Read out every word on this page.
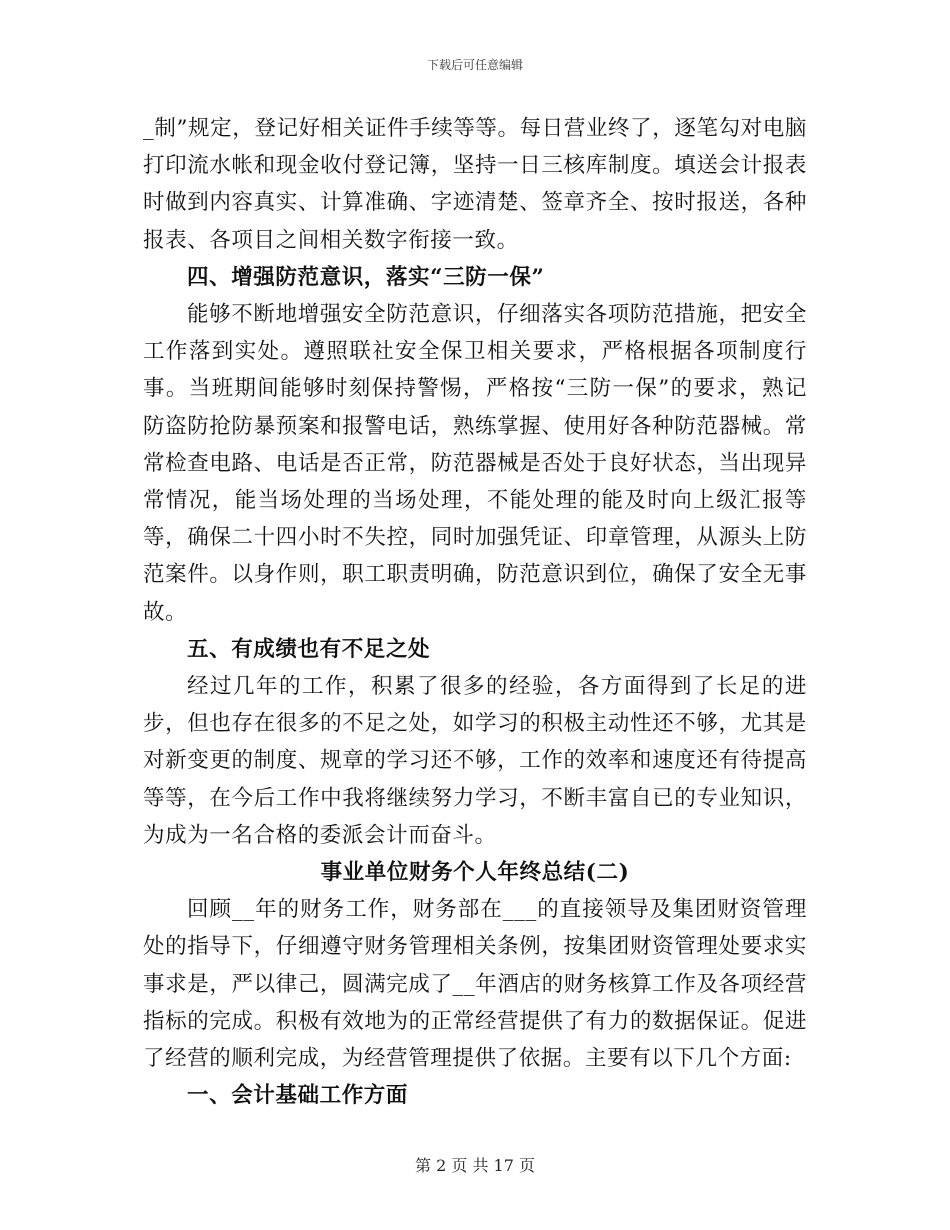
下载后可任意编辑

_制”规定，登记好相关证件手续等等。每日营业终了，逐笔勾对电脑打印流水帐和现金收付登记簿，坚持一日三核库制度。填送会计报表时做到内容真实、计算准确、字迹清楚、签章齐全、按时报送，各种报表、各项目之间相关数字衔接一致。

四、增强防范意识，落实“三防一保”

能够不断地增强安全防范意识，仔细落实各项防范措施，把安全工作落到实处。遵照联社安全保卫相关要求，严格根据各项制度行事。当班期间能够时刻保持警惕，严格按“三防一保”的要求，熟记防盗防抢防暴预案和报警电话，熟练掌握、使用好各种防范器械。常常检查电路、电话是否正常，防范器械是否处于良好状态，当出现异常情况，能当场处理的当场处理，不能处理的能及时向上级汇报等等，确保二十四小时不失控，同时加强凭证、印章管理，从源头上防范案件。以身作则，职工职责明确，防范意识到位，确保了安全无事故。

五、有成绩也有不足之处

经过几年的工作，积累了很多的经验，各方面得到了长足的进步，但也存在很多的不足之处，如学习的积极主动性还不够，尤其是对新变更的制度、规章的学习还不够，工作的效率和速度还有待提高等等，在今后工作中我将继续努力学习，不断丰富自已的专业知识，为成为一名合格的委派会计而奋斗。

事业单位财务个人年终总结(二)

回顾__年的财务工作，财务部在___的直接领导及集团财资管理处的指导下，仔细遵守财务管理相关条例，按集团财资管理处要求实事求是，严以律己，圆满完成了__年酒店的财务核算工作及各项经营指标的完成。积极有效地为的正常经营提供了有力的数据保证。促进了经营的顺利完成，为经营管理提供了依据。主要有以下几个方面:

一、会计基础工作方面

第 2 页 共 17 页
